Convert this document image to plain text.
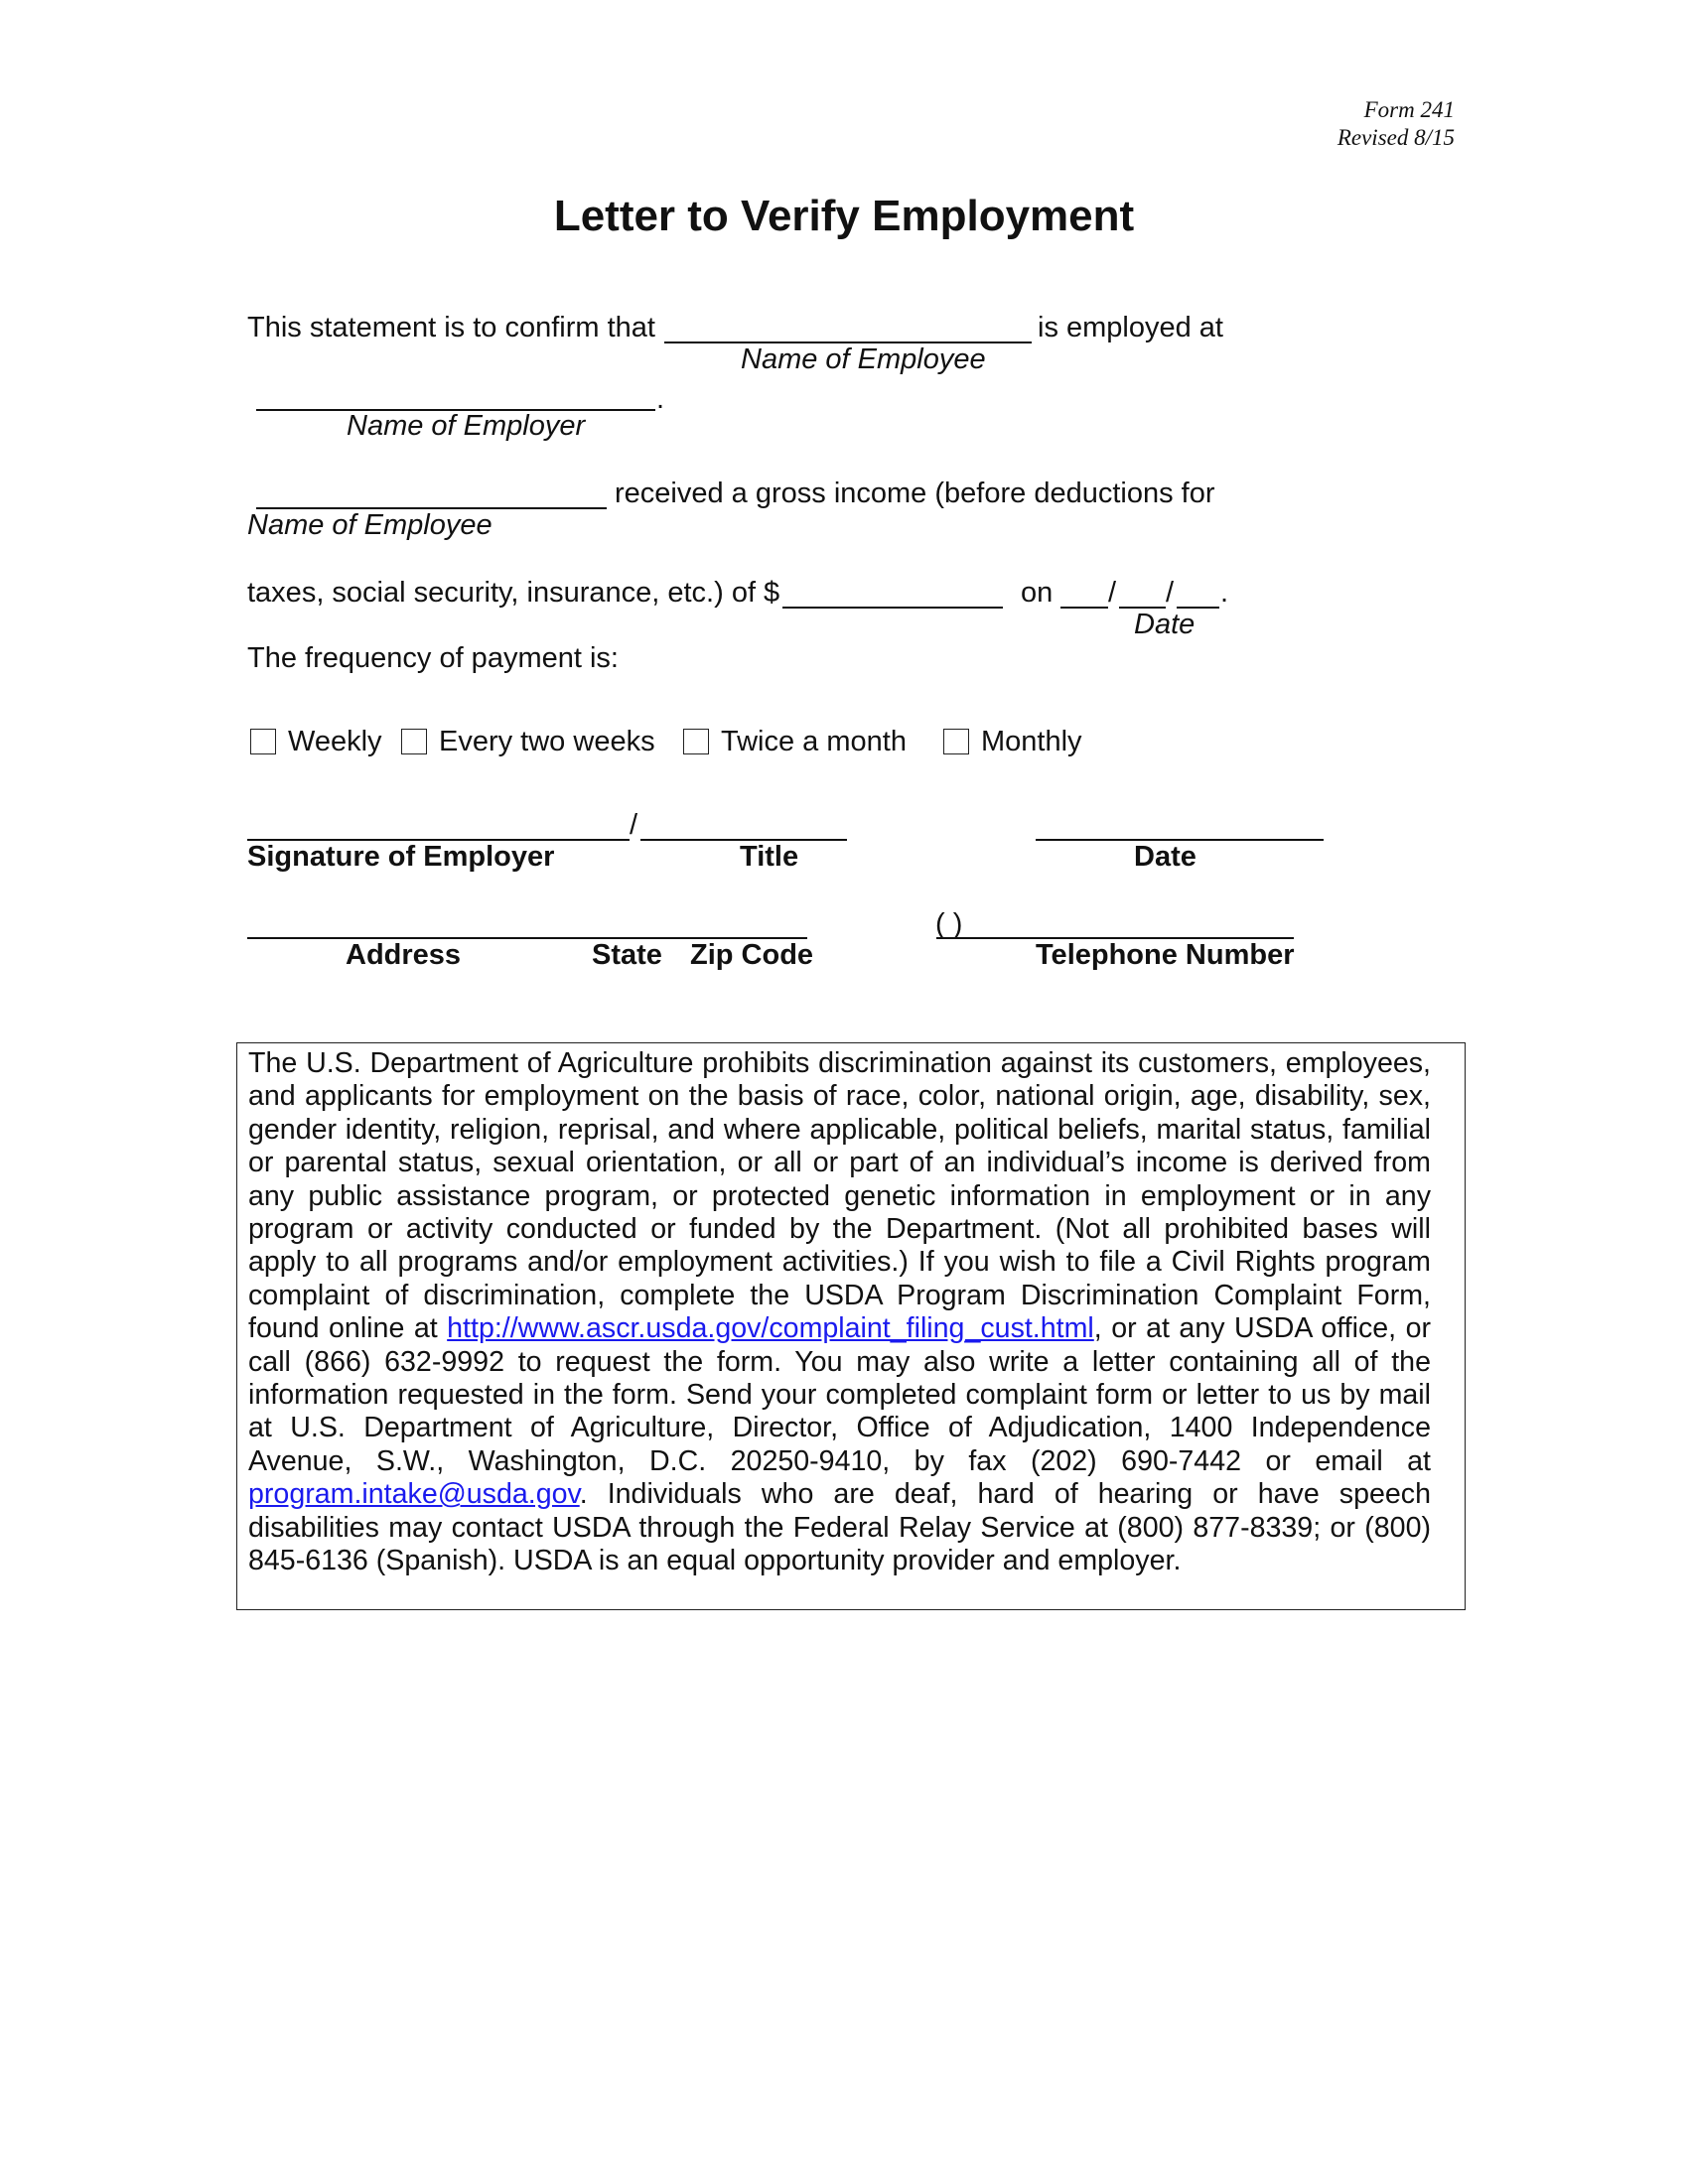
Form 241
Revised 8/15
Letter to Verify Employment
This statement is to confirm that	is employed at
Name of Employee
.
Name of Employer
received a gross income (before deductions for
Name of Employee
taxes, social security, insurance, etc.) of $	on / / .
Date
The frequency of payment is:
Weekly Every two weeks Twice a month	Monthly
/
Signature of Employer	Title	Date
( )
Address	State Zip Code	Telephone Number
The U.S. Department of Agriculture prohibits discrimination against its customers, employees, and applicants for employment on the basis of race, color, national origin, age, disability, sex, gender identity, religion, reprisal, and where applicable, political beliefs, marital status, familial or parental status, sexual orientation, or all or part of an individual’s income is derived from any public assistance program, or protected genetic information in employment or in any program or activity conducted or funded by the Department. (Not all prohibited bases will apply to all programs and/or employment activities.) If you wish to file a Civil Rights program complaint of discrimination, complete the USDA Program Discrimination Complaint Form, found online at http://www.ascr.usda.gov/complaint_filing_cust.html, or at any USDA office, or call (866) 632-9992 to request the form. You may also write a letter containing all of the information requested in the form. Send your completed complaint form or letter to us by mail at U.S. Department of Agriculture, Director, Office of Adjudication, 1400 Independence Avenue, S.W., Washington, D.C. 20250-9410, by fax (202) 690-7442 or email at program.intake@usda.gov. Individuals who are deaf, hard of hearing or have speech disabilities may contact USDA through the Federal Relay Service at (800) 877-8339; or (800) 845-6136 (Spanish). USDA is an equal opportunity provider and employer.
